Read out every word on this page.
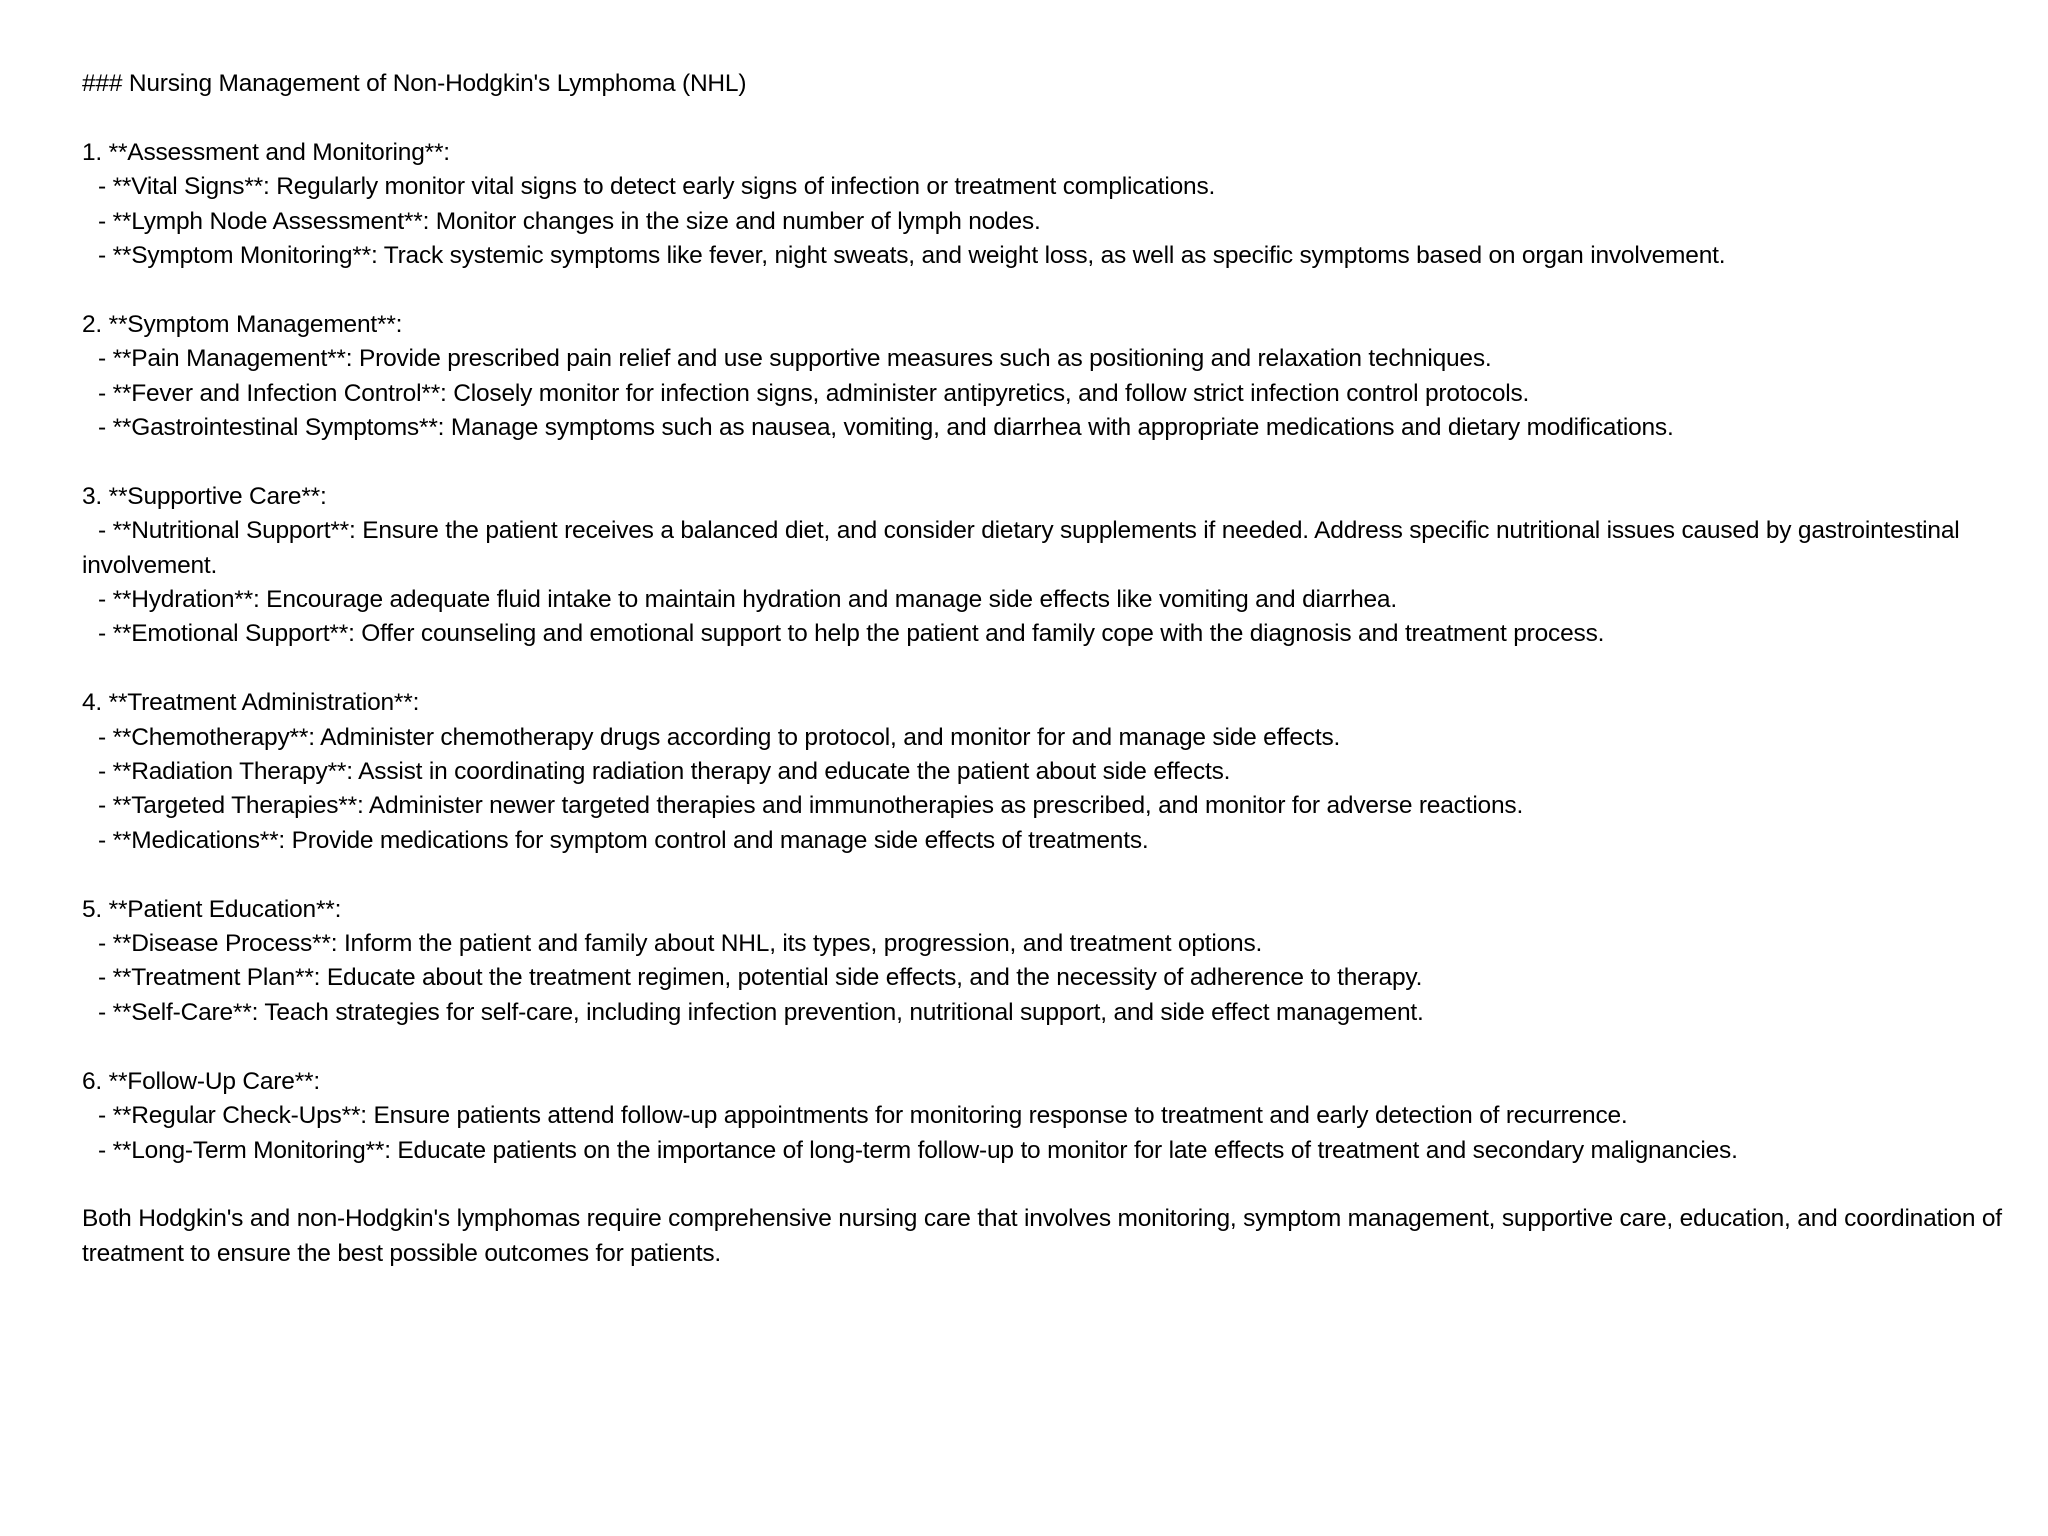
### Nursing Management of Non-Hodgkin's Lymphoma (NHL)

1. **Assessment and Monitoring**:

- **Vital Signs**: Regularly monitor vital signs to detect early signs of infection or treatment complications.

- **Lymph Node Assessment**: Monitor changes in the size and number of lymph nodes.

- **Symptom Monitoring**: Track systemic symptoms like fever, night sweats, and weight loss, as well as specific symptoms based on organ involvement.

2. **Symptom Management**:

- **Pain Management**: Provide prescribed pain relief and use supportive measures such as positioning and relaxation techniques.

- **Fever and Infection Control**: Closely monitor for infection signs, administer antipyretics, and follow strict infection control protocols.

- **Gastrointestinal Symptoms**: Manage symptoms such as nausea, vomiting, and diarrhea with appropriate medications and dietary modifications.

3. **Supportive Care**:

- **Nutritional Support**: Ensure the patient receives a balanced diet, and consider dietary supplements if needed. Address specific nutritional issues caused by gastrointestinal involvement.

- **Hydration**: Encourage adequate fluid intake to maintain hydration and manage side effects like vomiting and diarrhea.

- **Emotional Support**: Offer counseling and emotional support to help the patient and family cope with the diagnosis and treatment process.

4. **Treatment Administration**:

- **Chemotherapy**: Administer chemotherapy drugs according to protocol, and monitor for and manage side effects.

- **Radiation Therapy**: Assist in coordinating radiation therapy and educate the patient about side effects.

- **Targeted Therapies**: Administer newer targeted therapies and immunotherapies as prescribed, and monitor for adverse reactions.

- **Medications**: Provide medications for symptom control and manage side effects of treatments.

5. **Patient Education**:

- **Disease Process**: Inform the patient and family about NHL, its types, progression, and treatment options.

- **Treatment Plan**: Educate about the treatment regimen, potential side effects, and the necessity of adherence to therapy.

- **Self-Care**: Teach strategies for self-care, including infection prevention, nutritional support, and side effect management.

6. **Follow-Up Care**:

- **Regular Check-Ups**: Ensure patients attend follow-up appointments for monitoring response to treatment and early detection of recurrence.

- **Long-Term Monitoring**: Educate patients on the importance of long-term follow-up to monitor for late effects of treatment and secondary malignancies.

Both Hodgkin's and non-Hodgkin's lymphomas require comprehensive nursing care that involves monitoring, symptom management, supportive care, education, and coordination of treatment to ensure the best possible outcomes for patients.
